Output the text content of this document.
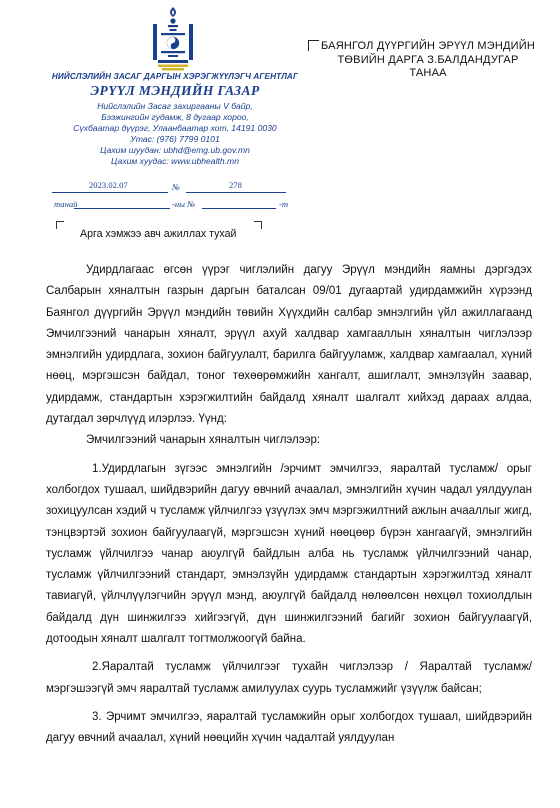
НИЙСЛЭЛИЙН ЗАСАГ ДАРГЫН ХЭРЭГЖҮҮЛЭГЧ АГЕНТЛАГ
ЭРҮҮЛ МЭНДИЙН ГАЗАР
Нийслэлийн Засаг захиргааны V байр,
Бээжингийн гудамж, 8 дугаар хороо,
Сүхбаатар дүүрэг, Улаанбаатар хот, 14191 0030
Утас: (976) 7799 0101
Цахим шуудан: ubhd@emg.ub.gov.mn
Цахим хуудас: www.ubhealth.mn
БАЯНГОЛ ДҮҮРГИЙН ЭРҮҮЛ МЭНДИЙН
ТӨВИЙН ДАРГА З.БАЛДАНДУГАР
ТАНАА
2023.02.07	№	278
танай	-ны №	-т
Арга хэмжээ авч ажиллах тухай

Удирдлагаас өгсөн үүрэг чиглэлийн дагуу Эрүүл мэндийн яамны дэргэдэх Салбарын хяналтын газрын даргын баталсан 09/01 дугаартай удирдамжийн хүрээнд Баянгол дүүргийн Эрүүл мэндийн төвийн Хүүхдийн салбар эмнэлгийн үйл ажиллагаанд Эмчилгээний чанарын хяналт, эрүүл ахуй халдвар хамгааллын хяналтын чиглэлээр эмнэлгийн удирдлага, зохион байгуулалт, барилга байгууламж, халдвар хамгаалал, хүний нөөц, мэргэшсэн байдал, тоног төхөөрөмжийн хангалт, ашиглалт, эмнэлзүйн заавар, удирдамж, стандартын хэрэгжилтийн байдалд хяналт шалгалт хийхэд дараах алдаа, дутагдал зөрчлүүд илэрлээ. Үүнд:

Эмчилгээний чанарын хяналтын чиглэлээр:

1.Удирдлагын зүгээс эмнэлгийн /эрчимт эмчилгээ, яаралтай тусламж/ орыг холбогдох тушаал, шийдвэрийн дагуу өвчний ачаалал, эмнэлгийн хүчин чадал уялдуулан зохицуулсан хэдий ч тусламж үйлчилгээ үзүүлэх эмч мэргэжилтний ажлын ачааллыг жигд, тэнцвэртэй зохион байгуулаагүй, мэргэшсэн хүний нөөцөөр бүрэн хангаагүй, эмнэлгийн тусламж үйлчилгээ чанар аюулгүй байдлын алба нь тусламж үйлчилгээний чанар, тусламж үйлчилгээний стандарт, эмнэлзүйн удирдамж стандартын хэрэгжилтэд хяналт тавиагүй, үйлчлүүлэгчийн эрүүл мэнд, аюулгүй байдалд нөлөөлсөн нөхцөл тохиолдлын байдалд дүн шинжилгээ хийгээгүй, дүн шинжилгээний багийг зохион байгуулаагүй, дотоодын хяналт шалгалт тогтмолжоогүй байна.

2.Яаралтай тусламж үйлчилгээг тухайн чиглэлээр / Яаралтай тусламж/ мэргэшээгүй эмч яаралтай тусламж амилуулах суурь тусламжийг үзүүлж байсан;

3. Эрчимт эмчилгээ, яаралтай тусламжийн орыг холбогдох тушаал, шийдвэрийн дагуу өвчний ачаалал, хүний нөөцийн хүчин чадалтай уялдуулан
